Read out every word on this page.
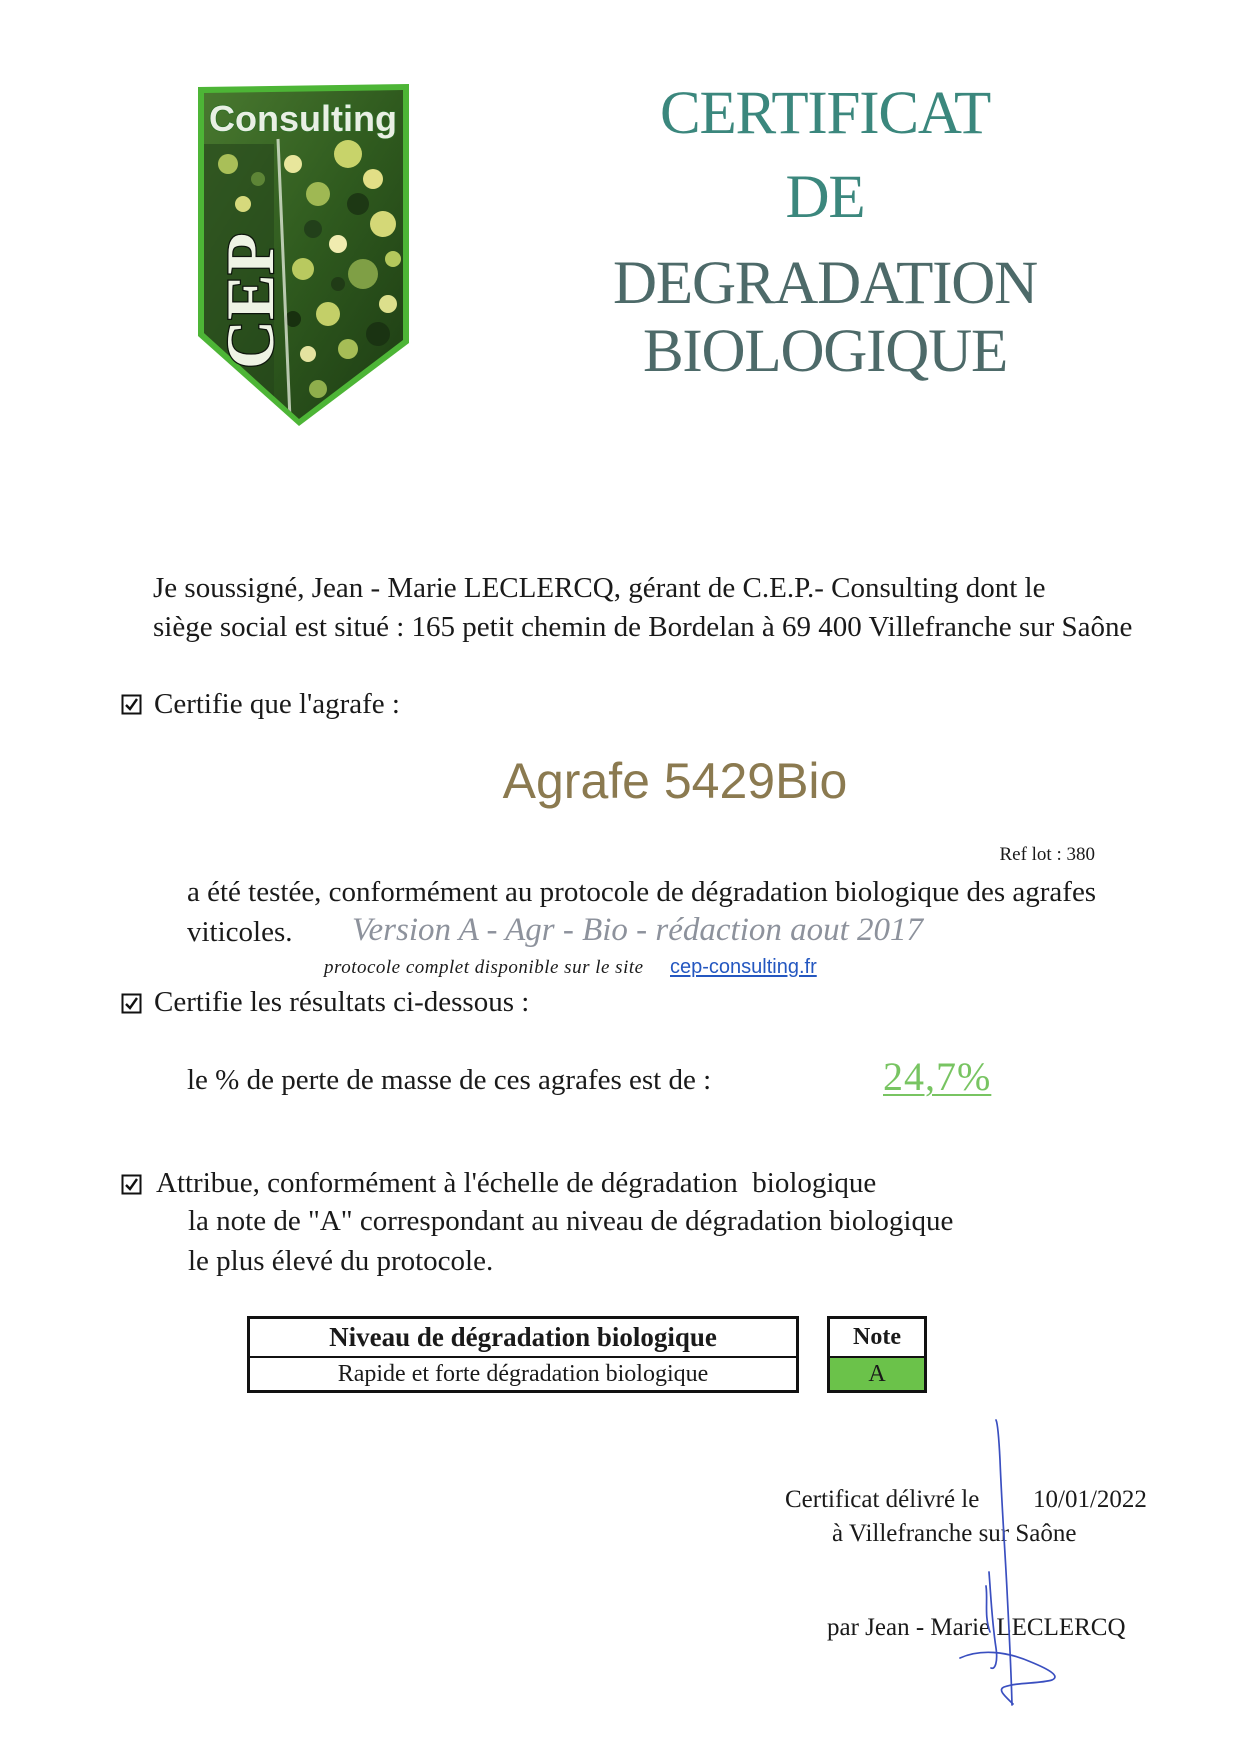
Consulting
CEP
CERTIFICAT
DE
DEGRADATION
BIOLOGIQUE
Je soussigné, Jean - Marie LECLERCQ, gérant de C.E.P.- Consulting dont le
siège social est situé : 165 petit chemin de Bordelan à 69 400 Villefranche sur Saône
Certifie que l'agrafe :
Agrafe 5429Bio
Ref lot : 380
a été testée, conformément au protocole de dégradation biologique des agrafes
viticoles. Version A - Agr - Bio - rédaction aout 2017
protocole complet disponible sur le site cep-consulting.fr
Certifie les résultats ci-dessous :
le % de perte de masse de ces agrafes est de :	24,7%
Attribue, conformément à l'échelle de dégradation  biologique
la note de "A" correspondant au niveau de dégradation biologique
le plus élevé du protocole.
Niveau de dégradation biologique
Rapide et forte dégradation biologique
Note
A
Certificat délivré le 10/01/2022
à Villefranche sur Saône
par Jean - Marie LECLERCQ
